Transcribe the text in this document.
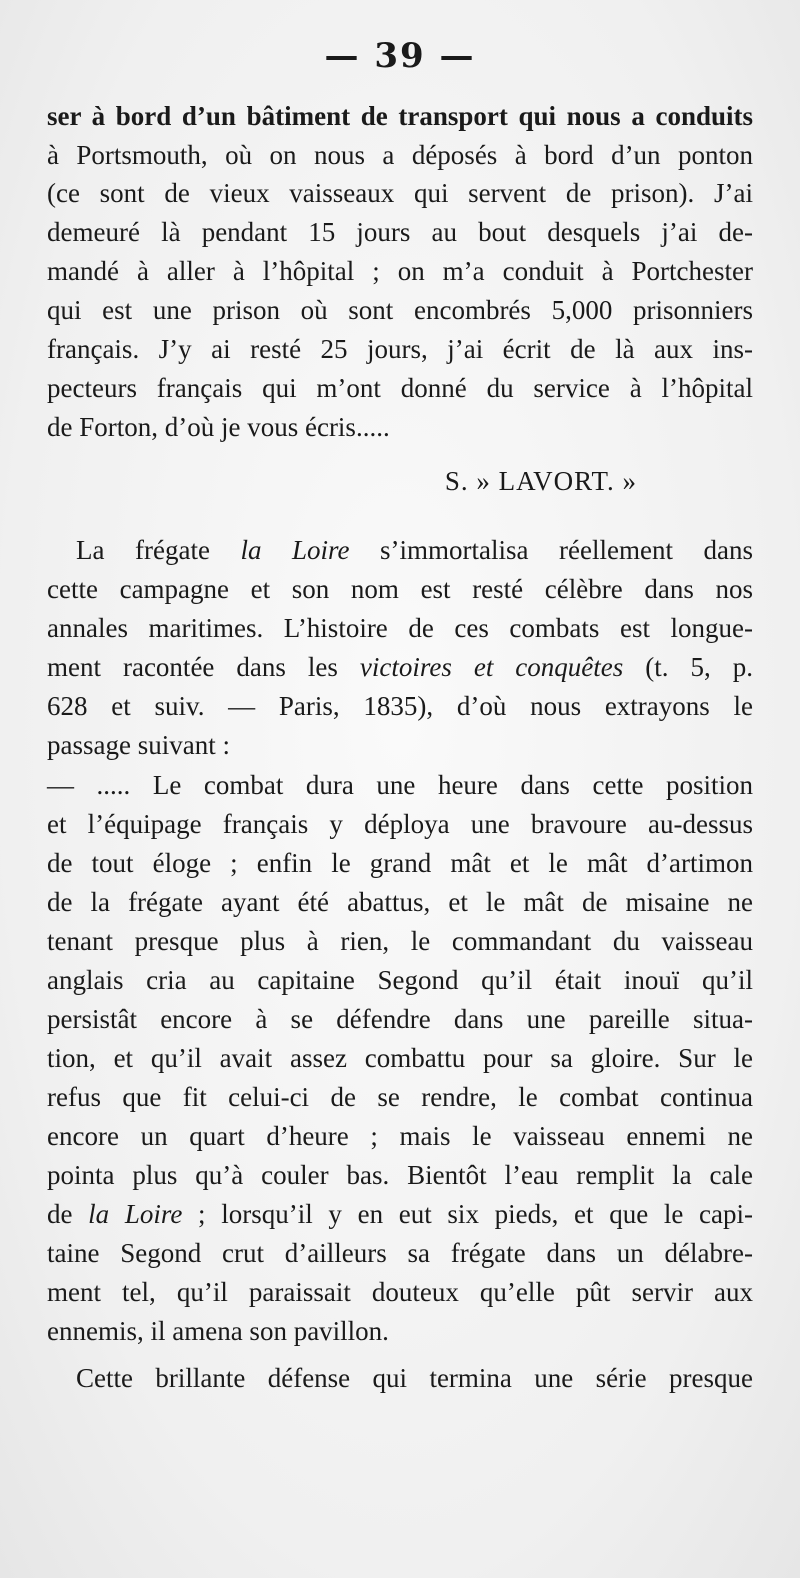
— 39 —
ser à bord d’un bâtiment de transport qui nous a conduits
à Portsmouth, où on nous a déposés à bord d’un ponton
(ce sont de vieux vaisseaux qui servent de prison). J’ai
demeuré là pendant 15 jours au bout desquels j’ai de-
mandé à aller à l’hôpital ; on m’a conduit à Portchester
qui est une prison où sont encombrés 5,000 prisonniers
français. J’y ai resté 25 jours, j’ai écrit de là aux ins-
pecteurs français qui m’ont donné du service à l’hôpital
de Forton, d’où je vous écris.....
S. » LAVORT. »
La frégate la Loire s’immortalisa réellement dans
cette campagne et son nom est resté célèbre dans nos
annales maritimes. L’histoire de ces combats est longue-
ment racontée dans les victoires et conquêtes (t. 5, p.
628 et suiv. — Paris, 1835), d’où nous extrayons le
passage suivant :
— ..... Le combat dura une heure dans cette position
et l’équipage français y déploya une bravoure au-dessus
de tout éloge ; enfin le grand mât et le mât d’artimon
de la frégate ayant été abattus, et le mât de misaine ne
tenant presque plus à rien, le commandant du vaisseau
anglais cria au capitaine Segond qu’il était inouï qu’il
persistât encore à se défendre dans une pareille situa-
tion, et qu’il avait assez combattu pour sa gloire. Sur le
refus que fit celui-ci de se rendre, le combat continua
encore un quart d’heure ; mais le vaisseau ennemi ne
pointa plus qu’à couler bas. Bientôt l’eau remplit la cale
de la Loire ; lorsqu’il y en eut six pieds, et que le capi-
taine Segond crut d’ailleurs sa frégate dans un délabre-
ment tel, qu’il paraissait douteux qu’elle pût servir aux
ennemis, il amena son pavillon.
Cette brillante défense qui termina une série presque
